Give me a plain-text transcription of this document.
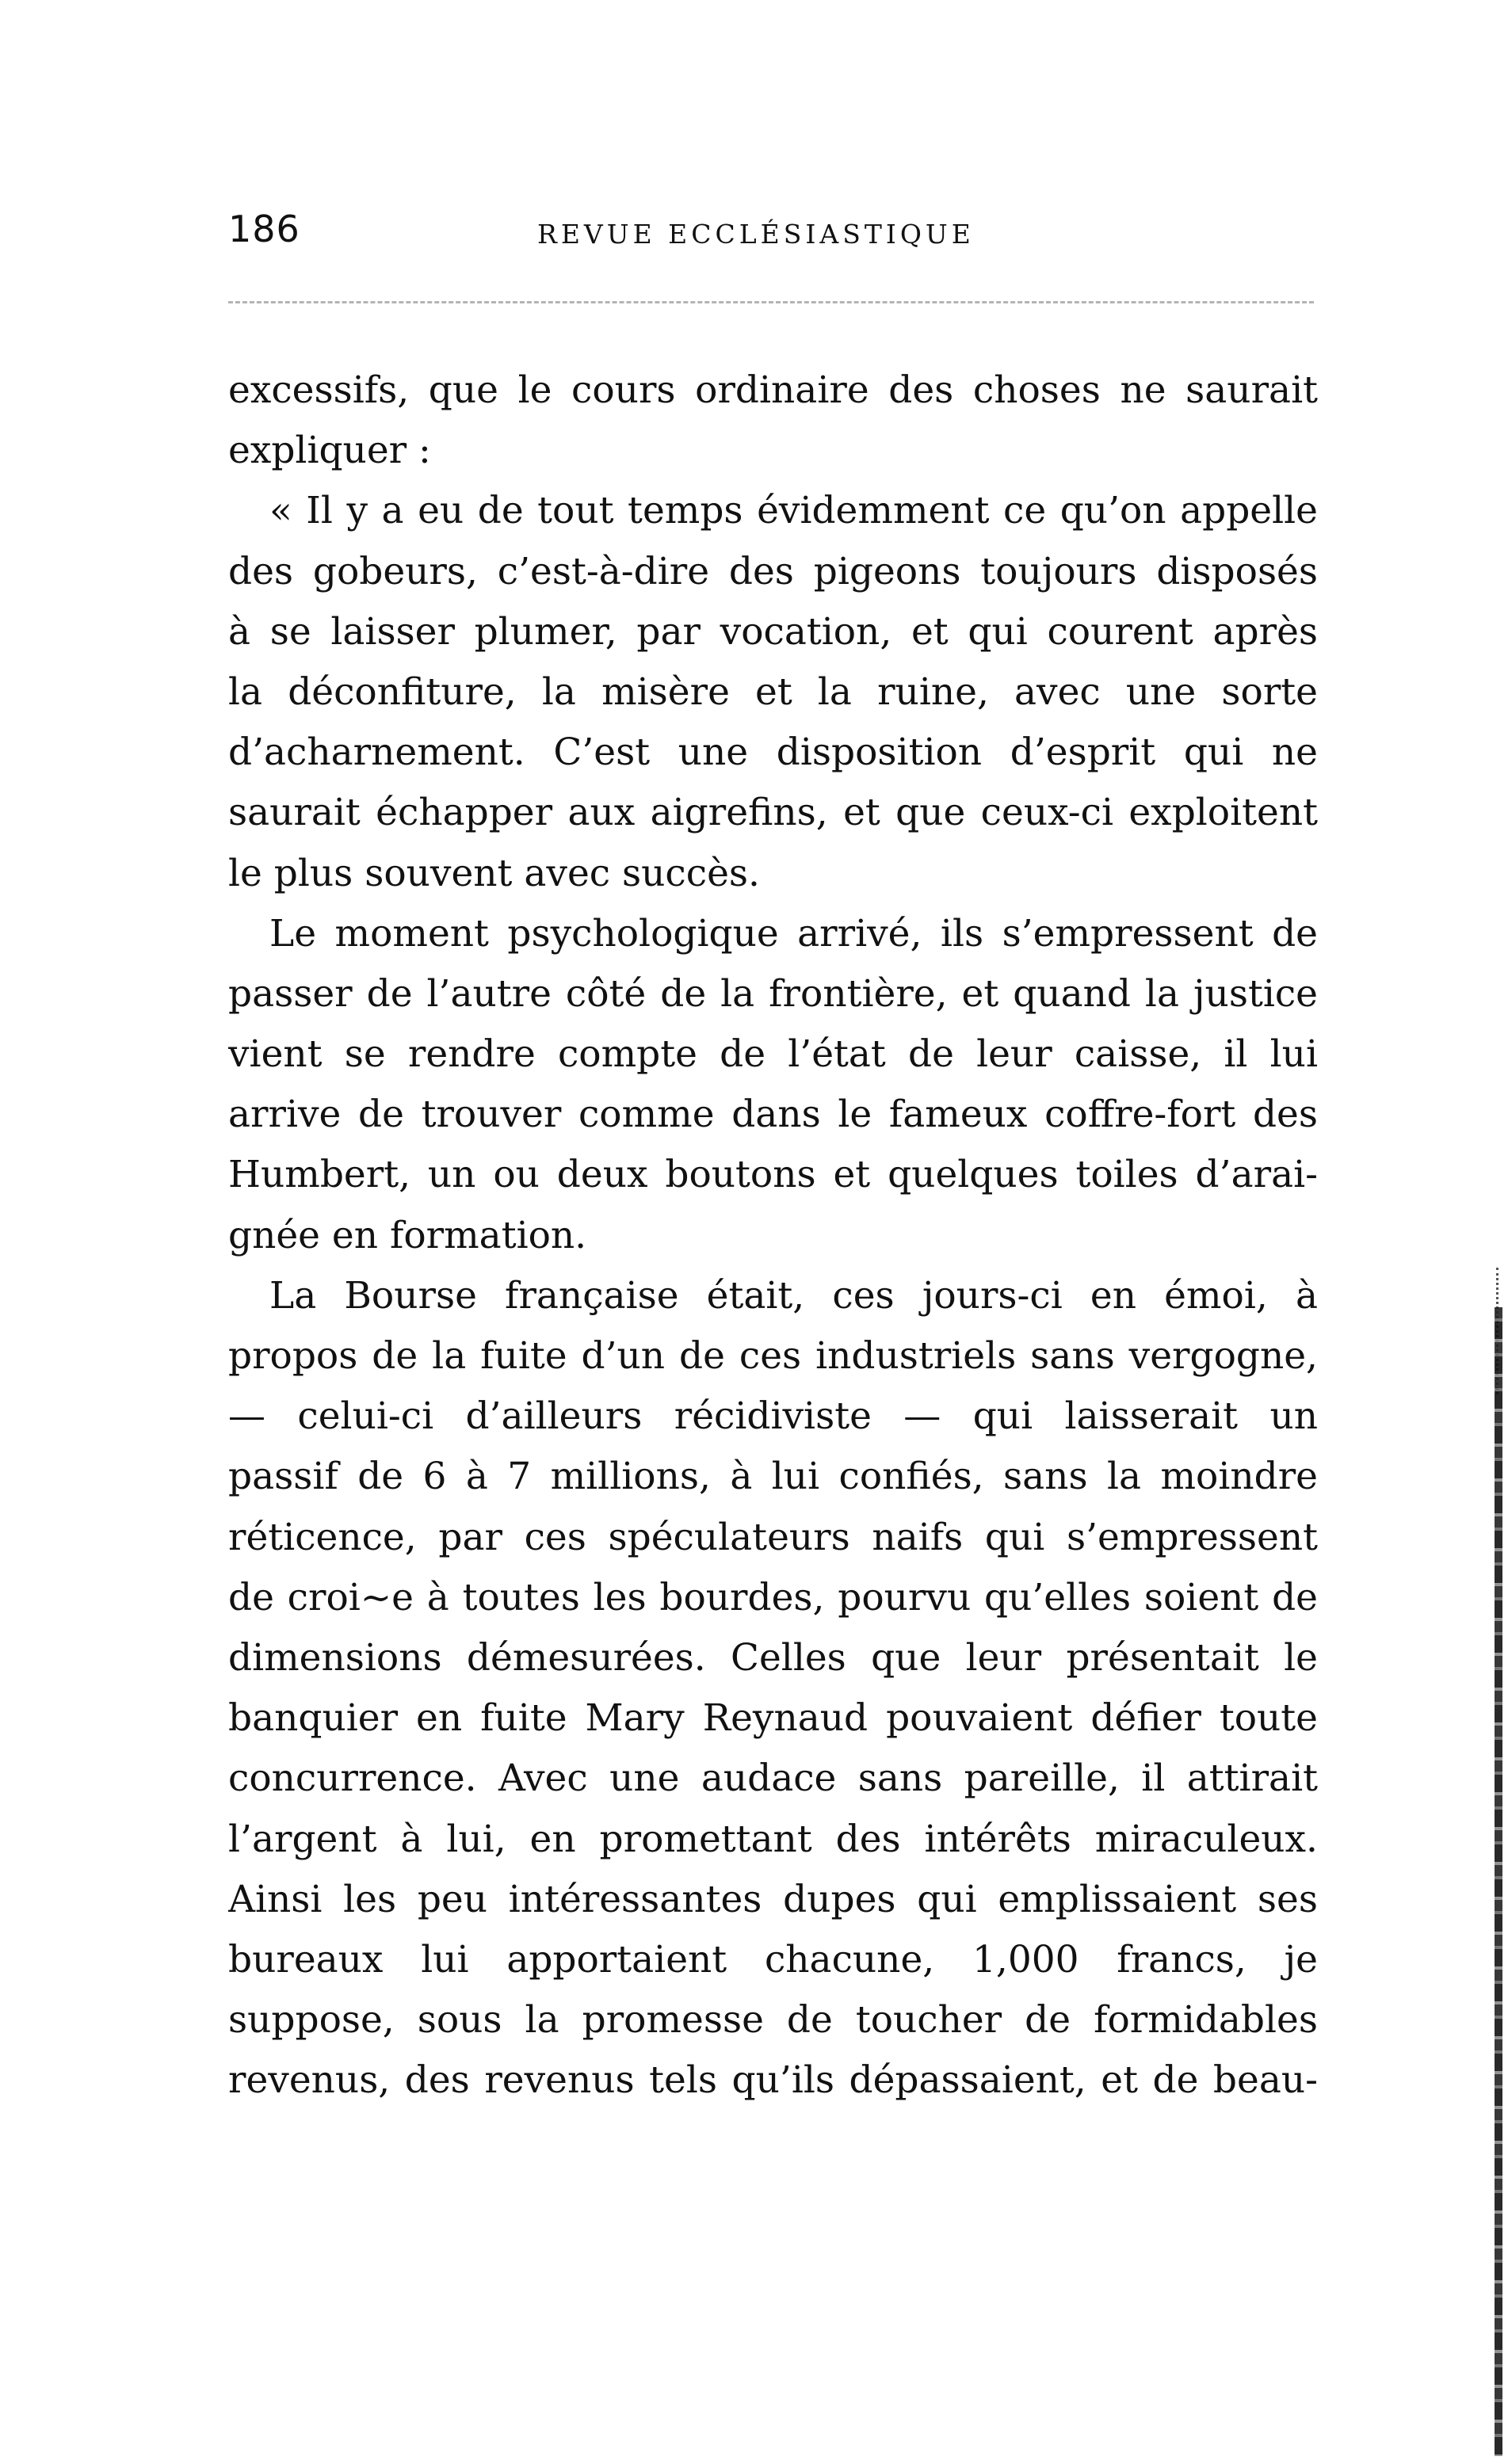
186	REVUE ECCLÉSIASTIQUE
excessifs, que le cours ordinaire des choses ne saurait
expliquer :
« Il y a eu de tout temps évidemment ce qu’on appelle
des gobeurs, c’est-à-dire des pigeons toujours disposés
à se laisser plumer, par vocation, et qui courent après
la déconfiture, la misère et la ruine, avec une sorte
d’acharnement. C’est une disposition d’esprit qui ne
saurait échapper aux aigrefins, et que ceux-ci exploitent
le plus souvent avec succès.
Le moment psychologique arrivé, ils s’empressent de
passer de l’autre côté de la frontière, et quand la justice
vient se rendre compte de l’état de leur caisse, il lui
arrive de trouver comme dans le fameux coffre-fort des
Humbert, un ou deux boutons et quelques toiles d’arai-
gnée en formation.
La Bourse française était, ces jours-ci en émoi, à
propos de la fuite d’un de ces industriels sans vergogne,
— celui-ci d’ailleurs récidiviste — qui laisserait un
passif de 6 à 7 millions, à lui confiés, sans la moindre
réticence, par ces spéculateurs naifs qui s’empressent
de croi~e à toutes les bourdes, pourvu qu’elles soient de
dimensions démesurées. Celles que leur présentait le
banquier en fuite Mary Reynaud pouvaient défier toute
concurrence. Avec une audace sans pareille, il attirait
l’argent à lui, en promettant des intérêts miraculeux.
Ainsi les peu intéressantes dupes qui emplissaient ses
bureaux lui apportaient chacune, 1,000 francs, je
suppose, sous la promesse de toucher de formidables
revenus, des revenus tels qu’ils dépassaient, et de beau-
